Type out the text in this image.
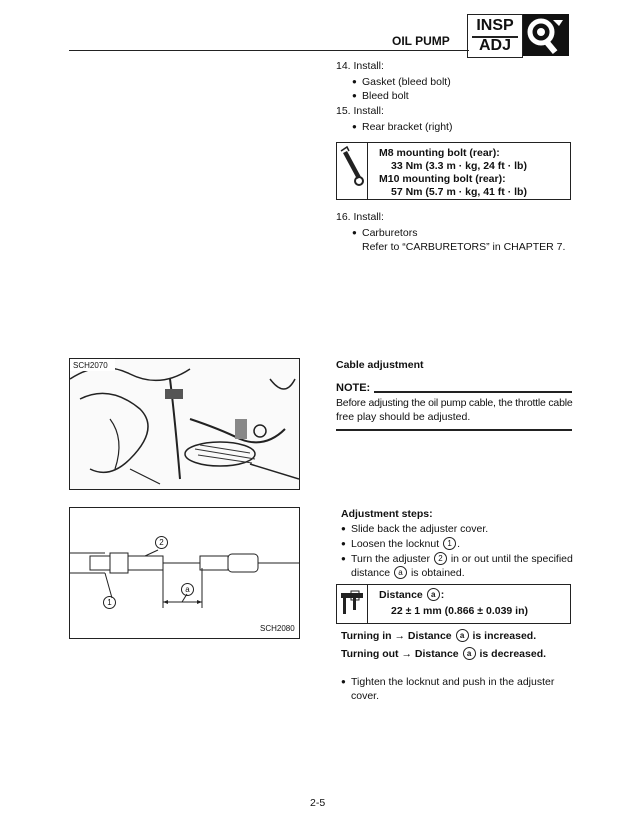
OIL PUMP
INSP
ADJ
14. Install:
● Gasket (bleed bolt)
● Bleed bolt
15. Install:
● Rear bracket (right)
M8 mounting bolt (rear):
33 Nm (3.3 m · kg, 24 ft · lb)
M10 mounting bolt (rear):
57 Nm (5.7 m · kg, 41 ft · lb)
16. Install:
● Carburetors
Refer to “CARBURETORS” in CHAPTER 7.
SCH2070	Cable adjustment
NOTE:
Before adjusting the oil pump cable, the throttle cable
free play should be adjusted.
2
1
a
SCH2080
Adjustment steps:
● Slide back the adjuster cover.
● Loosen the locknut 1 .
● Turn the adjuster 2 in or out until the specified
distance a is obtained.
Distance a :
22 ± 1 mm (0.866 ± 0.039 in)
Turning in → Distance a is increased.
Turning out → Distance a is decreased.
● Tighten the locknut and push in the adjuster
cover.
2-5
